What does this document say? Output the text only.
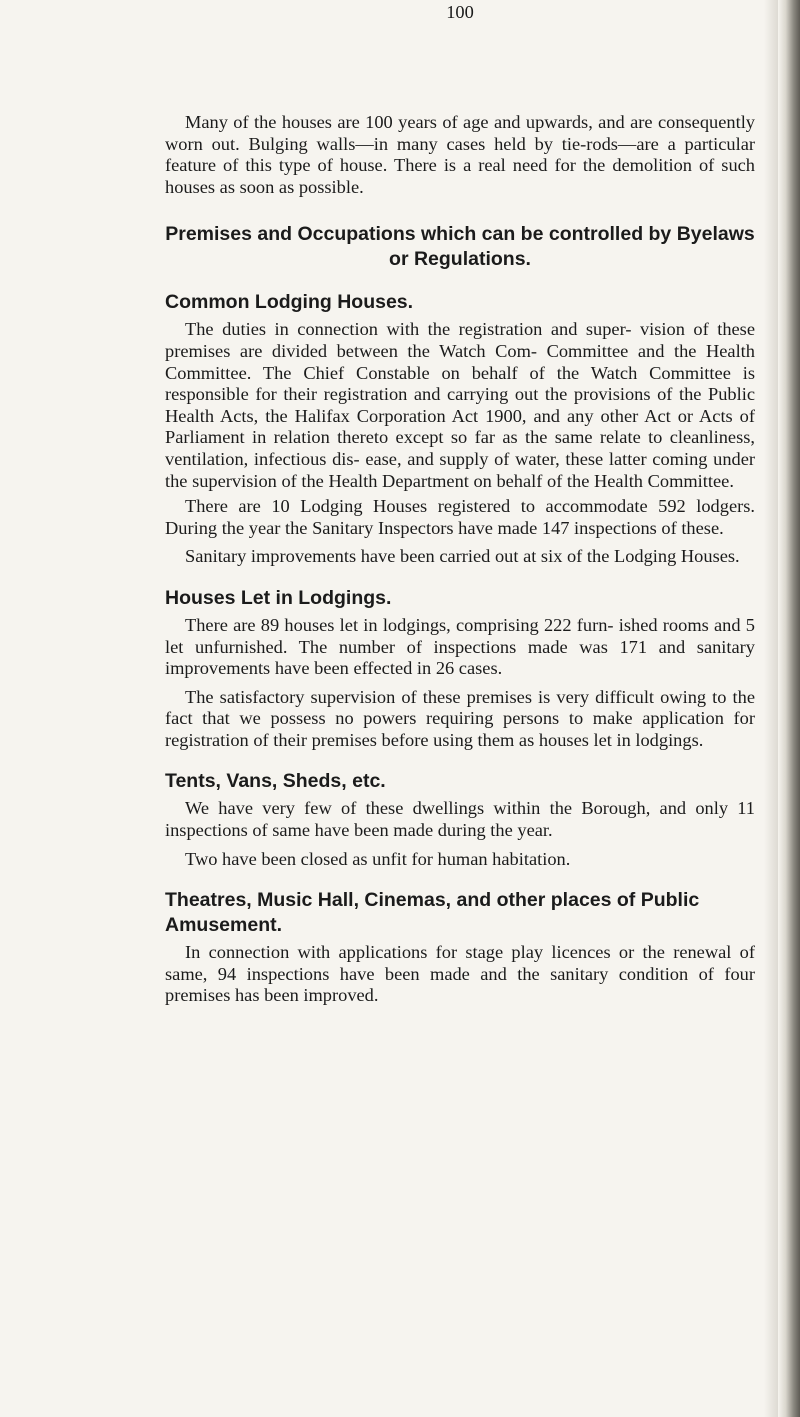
100

Many of the houses are 100 years of age and upwards, and are consequently worn out. Bulging walls—in many cases held by tie-rods—are a particular feature of this type of house. There is a real need for the demolition of such houses as soon as possible.

Premises and Occupations which can be controlled by Byelaws
or Regulations.
Common Lodging Houses.

The duties in connection with the registration and super- vision of these premises are divided between the Watch Com- Committee and the Health Committee. The Chief Constable on behalf of the Watch Committee is responsible for their registration and carrying out the provisions of the Public Health Acts, the Halifax Corporation Act 1900, and any other Act or Acts of Parliament in relation thereto except so far as the same relate to cleanliness, ventilation, infectious dis- ease, and supply of water, these latter coming under the supervision of the Health Department on behalf of the Health Committee.

There are 10 Lodging Houses registered to accommodate 592 lodgers. During the year the Sanitary Inspectors have made 147 inspections of these.

Sanitary improvements have been carried out at six of the Lodging Houses.

Houses Let in Lodgings.

There are 89 houses let in lodgings, comprising 222 furn- ished rooms and 5 let unfurnished. The number of inspections made was 171 and sanitary improvements have been effected in 26 cases.

The satisfactory supervision of these premises is very difficult owing to the fact that we possess no powers requiring persons to make application for registration of their premises before using them as houses let in lodgings.

Tents, Vans, Sheds, etc.

We have very few of these dwellings within the Borough, and only 11 inspections of same have been made during the year.

Two have been closed as unfit for human habitation.

Theatres, Music Hall, Cinemas, and other places of Public Amusement.

In connection with applications for stage play licences or the renewal of same, 94 inspections have been made and the sanitary condition of four premises has been improved.
